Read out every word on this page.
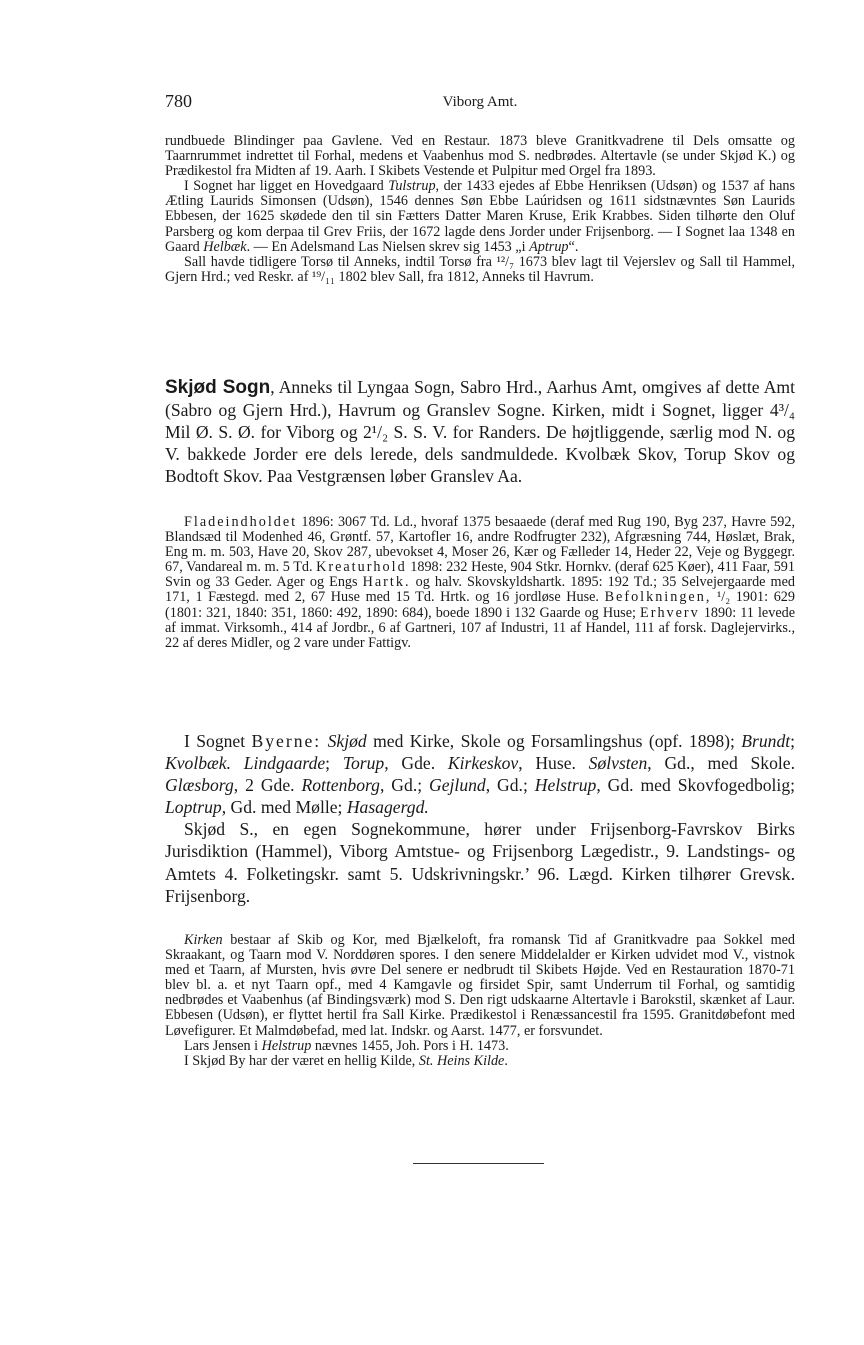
780	Viborg Amt.

rundbuede Blindinger paa Gavlene. Ved en Restaur. 1873 bleve Granitkvadrene til Dels omsatte og Taarnrummet indrettet til Forhal, medens et Vaabenhus mod S. nedbrødes. Altertavle (se under Skjød K.) og Prædikestol fra Midten af 19. Aarh. I Skibets Vestende et Pulpitur med Orgel fra 1893.

I Sognet har ligget en Hovedgaard Tulstrup, der 1433 ejedes af Ebbe Henriksen (Udsøn) og 1537 af hans Ætling Laurids Simonsen (Udsøn), 1546 dennes Søn Ebbe Laúridsen og 1611 sidstnævntes Søn Laurids Ebbesen, der 1625 skødede den til sin Fætters Datter Maren Kruse, Erik Krabbes. Siden tilhørte den Oluf Parsberg og kom derpaa til Grev Friis, der 1672 lagde dens Jorder under Frijsenborg. — I Sognet laa 1348 en Gaard Helbæk. — En Adelsmand Las Nielsen skrev sig 1453 „i Aptrup“.

Sall havde tidligere Torsø til Anneks, indtil Torsø fra ¹²/₇ 1673 blev lagt til Vejerslev og Sall til Hammel, Gjern Hrd.; ved Reskr. af ¹⁹/₁₁ 1802 blev Sall, fra 1812, Anneks til Havrum.

Skjød Sogn, Anneks til Lyngaa Sogn, Sabro Hrd., Aarhus Amt, omgives af dette Amt (Sabro og Gjern Hrd.), Havrum og Granslev Sogne. Kirken, midt i Sognet, ligger 4³/₄ Mil Ø. S. Ø. for Viborg og 2¹/₂ S. S. V. for Randers. De højtliggende, særlig mod N. og V. bakkede Jorder ere dels lerede, dels sandmuldede. Kvolbæk Skov, Torup Skov og Bodtoft Skov. Paa Vestgrænsen løber Granslev Aa.

Fladeindholdet 1896: 3067 Td. Ld., hvoraf 1375 besaaede (deraf med Rug 190, Byg 237, Havre 592, Blandsæd til Modenhed 46, Grøntf. 57, Kartofler 16, andre Rodfrugter 232), Afgræsning 744, Høslæt, Brak, Eng m. m. 503, Have 20, Skov 287, ubevokset 4, Moser 26, Kær og Fælleder 14, Heder 22, Veje og Byggegr. 67, Vandareal m. m. 5 Td. Kreaturhold 1898: 232 Heste, 904 Stkr. Hornkv. (deraf 625 Køer), 411 Faar, 591 Svin og 33 Geder. Ager og Engs Hartk. og halv. Skovskyldshartk. 1895: 192 Td.; 35 Selvejergaarde med 171, 1 Fæstegd. med 2, 67 Huse med 15 Td. Hrtk. og 16 jordløse Huse. Befolkningen, ¹/₂ 1901: 629 (1801: 321, 1840: 351, 1860: 492, 1890: 684), boede 1890 i 132 Gaarde og Huse; Erhverv 1890: 11 levede af immat. Virksomh., 414 af Jordbr., 6 af Gartneri, 107 af Industri, 11 af Handel, 111 af forsk. Daglejervirks., 22 af deres Midler, og 2 vare under Fattigv.

I Sognet Byerne: Skjød med Kirke, Skole og Forsamlingshus (opf. 1898); Brundt; Kvolbæk. Lindgaarde; Torup, Gde. Kirkeskov, Huse. Sølvsten, Gd., med Skole. Glæsborg, 2 Gde. Rottenborg, Gd.; Gejlund, Gd.; Helstrup, Gd. med Skovfogedbolig; Loptrup, Gd. med Mølle; Hasagergd.

Skjød S., en egen Sognekommune, hører under Frijsenborg-Favrskov Birks Jurisdiktion (Hammel), Viborg Amtstue- og Frijsenborg Lægedistr., 9. Landstings- og Amtets 4. Folketingskr. samt 5. Udskrivningskr.’ 96. Lægd. Kirken tilhører Grevsk. Frijsenborg.

Kirken bestaar af Skib og Kor, med Bjælkeloft, fra romansk Tid af Granitkvadre paa Sokkel med Skraakant, og Taarn mod V. Norddøren spores. I den senere Middelalder er Kirken udvidet mod V., vistnok med et Taarn, af Mursten, hvis øvre Del senere er nedbrudt til Skibets Højde. Ved en Restauration 1870-71 blev bl. a. et nyt Taarn opf., med 4 Kamgavle og firsidet Spir, samt Underrum til Forhal, og samtidig nedbrødes et Vaabenhus (af Bindingsværk) mod S. Den rigt udskaarne Altertavle i Barokstil, skænket af Laur. Ebbesen (Udsøn), er flyttet hertil fra Sall Kirke. Prædikestol i Renæssancestil fra 1595. Granitdøbefont med Løvefigurer. Et Malmdøbefad, med lat. Indskr. og Aarst. 1477, er forsvundet.

Lars Jensen i Helstrup nævnes 1455, Joh. Pors i H. 1473.

I Skjød By har der været en hellig Kilde, St. Heins Kilde.
